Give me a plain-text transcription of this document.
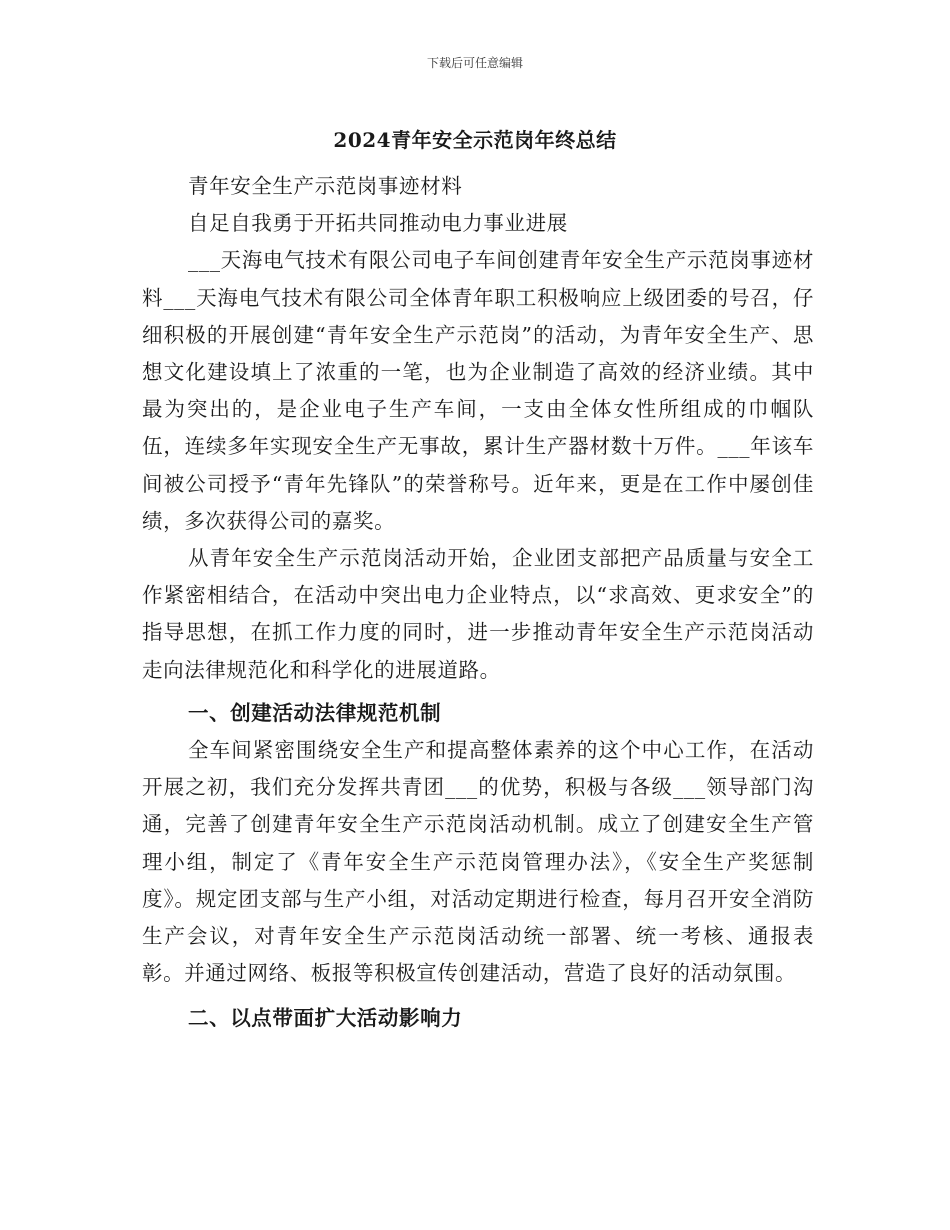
下载后可任意编辑
2024青年安全示范岗年终总结

青年安全生产示范岗事迹材料

自足自我勇于开拓共同推动电力事业进展

___天海电气技术有限公司电子车间创建青年安全生产示范岗事迹材料___天海电气技术有限公司全体青年职工积极响应上级团委的号召，仔细积极的开展创建“青年安全生产示范岗”的活动，为青年安全生产、思想文化建设填上了浓重的一笔，也为企业制造了高效的经济业绩。其中最为突出的，是企业电子生产车间，一支由全体女性所组成的巾帼队伍，连续多年实现安全生产无事故，累计生产器材数十万件。___年该车间被公司授予“青年先锋队”的荣誉称号。近年来，更是在工作中屡创佳绩，多次获得公司的嘉奖。

从青年安全生产示范岗活动开始，企业团支部把产品质量与安全工作紧密相结合，在活动中突出电力企业特点，以“求高效、更求安全”的指导思想，在抓工作力度的同时，进一步推动青年安全生产示范岗活动走向法律规范化和科学化的进展道路。

一、创建活动法律规范机制

全车间紧密围绕安全生产和提高整体素养的这个中心工作，在活动开展之初，我们充分发挥共青团___的优势，积极与各级___领导部门沟通，完善了创建青年安全生产示范岗活动机制。成立了创建安全生产管理小组，制定了《青年安全生产示范岗管理办法》，《安全生产奖惩制度》。规定团支部与生产小组，对活动定期进行检查，每月召开安全消防生产会议，对青年安全生产示范岗活动统一部署、统一考核、通报表彰。并通过网络、板报等积极宣传创建活动，营造了良好的活动氛围。

二、以点带面扩大活动影响力
